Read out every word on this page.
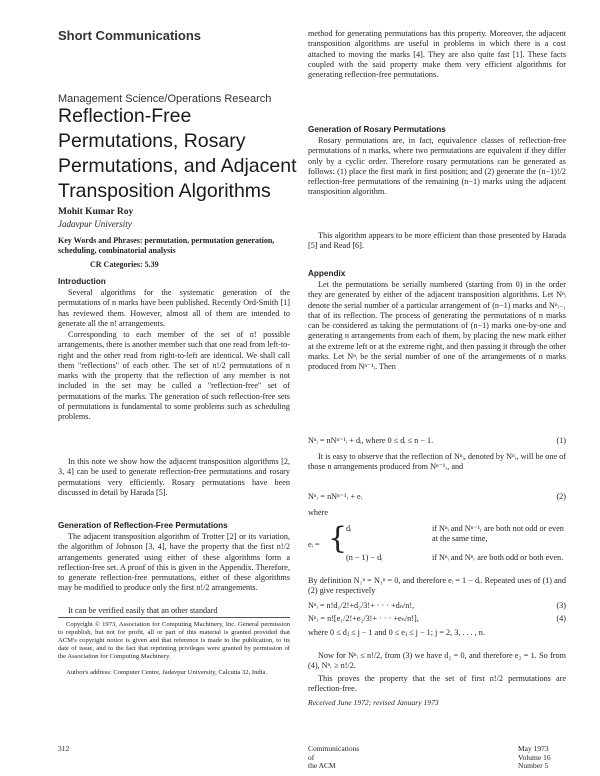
Short Communications
Management Science/Operations Research
Reflection-Free
Permutations, Rosary
Permutations, and Adjacent
Transposition Algorithms
Mohit Kumar Roy
Jadavpur University
Key Words and Phrases: permutation, permutation generation, scheduling, combinatorial analysis
CR Categories: 5.39
Introduction

Several algorithms for the systematic generation of the permutations of n marks have been published. Recently Ord-Smith [1] has reviewed them. However, almost all of them are intended to generate all the n! arrangements.

Corresponding to each member of the set of n! possible arrangements, there is another member such that one read from left-to-right and the other read from right-to-left are identical. We shall call them "reflections" of each other. The set of n!/2 permutations of n marks with the property that the reflection of any member is not included in the set may be called a "reflection-free" set of permutations of the marks. The generation of such reflection-free sets of permutations is fundamental to some problems such as scheduling problems.

In this note we show how the adjacent transposition algorithms [2, 3, 4] can be used to generate reflection-free permutations and rosary permutations very efficiently. Rosary permutations have been discussed in detail by Harada [5].

Generation of Reflection-Free Permutations

The adjacent transposition algorithm of Trotter [2] or its variation, the algorithm of Johnson [3, 4], have the property that the first n!/2 arrangements generated using either of these algorithms form a reflection-free set. A proof of this is given in the Appendix. Therefore, to generate reflection-free permutations, either of these algorithms may be modified to produce only the first n!/2 arrangements.

It can be verified easily that an other standard

Copyright © 1973, Association for Computing Machinery, Inc. General permission to republish, but not for profit, all or part of this material is granted provided that ACM's copyright notice is given and that reference is made to the publication, to its date of issue, and to the fact that reprinting privileges were granted by permission of the Association for Computing Machinery.
Author's address: Computer Centre, Jadavpur University, Calcutta 32, India.
312

method for generating permutations has this property. Moreover, the adjacent transposition algorithms are useful in problems in which there is a cost attached to moving the marks [4]. They are also quite fast [1]. These facts coupled with the said property make them very efficient algorithms for generating reflection-free permutations.

Generation of Rosary Permutations

Rosary permutations are, in fact, equivalence classes of reflection-free permutations of n marks, where two permutations are equivalent if they differ only by a cyclic order. Therefore rosary permutations can be generated as follows: (1) place the first mark in first position; and (2) generate the (n−1)!/2 reflection-free permutations of the remaining (n−1) marks using the adjacent transposition algorithm.

This algorithm appears to be more efficient than those presented by Harada [5] and Read [6].

Appendix

Let the permutations be serially numbered (starting from 0) in the order they are generated by either of the adjacent transposition algorithms. Let Nⁿᵢ denote the serial number of a particular arrangement of (n−1) marks and Nⁿᵢ₋₁ that of its reflection. The process of generating the permutations of n marks can be considered as taking the permutations of (n−1) marks one-by-one and generating n arrangements from each of them, by placing the new mark either at the extreme left or at the extreme right, and then passing it through the other marks. Let Nⁿᵢ be the serial number of one of the arrangements of n marks produced from Nⁿ⁻¹ᵢ. Then

Nⁿᵢ = nNⁿ⁻¹ᵢ + dᵢ, where 0 ≤ dᵢ ≤ n − 1.	(1)

It is easy to observe that the reflection of Nⁿᵢ, denoted by Nⁿᵣ, will be one of those n arrangements produced from Nⁿ⁻¹ᵣ, and

Nⁿᵣ = nNⁿ⁻¹ᵣ + eᵢ	(2)
where
eᵢ = {
dᵢ	if Nⁿᵢ and Nⁿ⁻¹ᵣ are both not odd or even at the same time,
(n − 1) − dᵢ	if Nⁿᵢ and Nⁿᵣ are both odd or both even.

By definition N₁ⁿ = N₁ⁿ = 0, and therefore eᵢ = 1 − dᵢ. Repeated uses of (1) and (2) give respectively

Nⁿᵢ = n!d₁/2!+d₂/3!+ · · · +dₙ/n!,	(3)
Nⁿᵣ = n![e₁/2!+e₂/3!+ · · · +eₙ/n!],	(4)

where 0 ≤ dⱼ ≤ j − 1 and 0 ≤ eⱼ ≤ j − 1; j = 2, 3, . . . , n.

Now for Nⁿᵢ ≤ n!/2, from (3) we have d₂ = 0, and therefore e₂ = 1. So from (4), Nⁿᵣ ≥ n!/2.

This proves the property that the set of first n!/2 permutations are reflection-free.

Received June 1972; revised January 1973
Communications
of
the ACM
May 1973
Volume 16
Number 5
